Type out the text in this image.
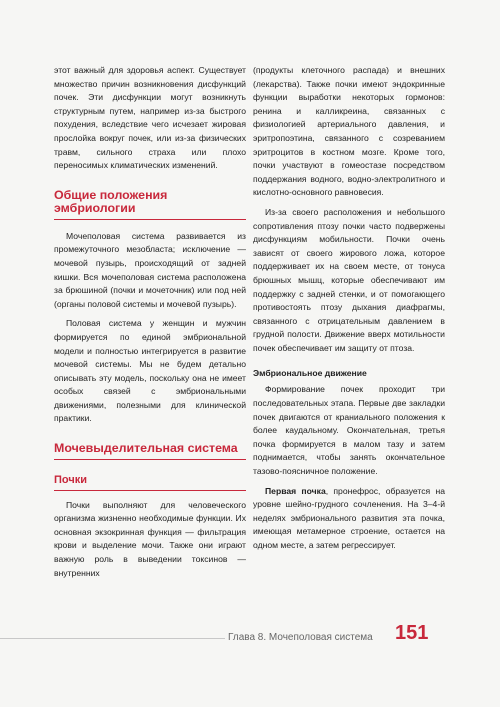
этот важный для здоровья аспект. Существует множество причин возникновения дисфункций почек. Эти дисфункции могут возникнуть структурным путем, например из-за быстрого похудения, вследствие чего исчезает жировая прослойка вокруг почек, или из-за физических травм, сильного страха или плохо переносимых климатических изменений.

Общие положения эмбриологии

Мочеполовая система развивается из промежуточного мезобласта; исключение — мочевой пузырь, происходящий от задней кишки. Вся мочеполовая система расположена за брюшиной (почки и мочеточник) или под ней (органы половой системы и мочевой пузырь).

Половая система у женщин и мужчин формируется по единой эмбриональной модели и полностью интегрируется в развитие мочевой системы. Мы не будем детально описывать эту модель, поскольку она не имеет особых связей с эмбриональными движениями, полезными для клинической практики.

Мочевыделительная система
Почки

Почки выполняют для человеческого организма жизненно необходимые функции. Их основная экзокринная функция — фильтрация крови и выделение мочи. Также они играют важную роль в выведении токсинов — внутренних

(продукты клеточного распада) и внешних (лекарства). Также почки имеют эндокринные функции выработки некоторых гормонов: ренина и калликреина, связанных с физиологией артериального давления, и эритропоэтина, связанного с созреванием эритроцитов в костном мозге. Кроме того, почки участвуют в гомеостазе посредством поддержания водного, водно-электролитного и кислотно-основного равновесия.

Из-за своего расположения и небольшого сопротивления птозу почки часто подвержены дисфункциям мобильности. Почки очень зависят от своего жирового ложа, которое поддерживает их на своем месте, от тонуса брюшных мышц, которые обеспечивают им поддержку с задней стенки, и от помогающего противостоять птозу дыхания диафрагмы, связанного с отрицательным давлением в грудной полости. Движение вверх мотильности почек обеспечивает им защиту от птоза.

Эмбриональное движение

Формирование почек проходит три последовательных этапа. Первые две закладки почек двигаются от краниального положения к более каудальному. Окончательная, третья почка формируется в малом тазу и затем поднимается, чтобы занять окончательное тазово-поясничное положение.

Первая почка, пронефрос, образуется на уровне шейно-грудного сочленения. На 3–4-й неделях эмбрионального развития эта почка, имеющая метамерное строение, остается на одном месте, а затем регрессирует.

Глава 8. Мочеполовая система 151
